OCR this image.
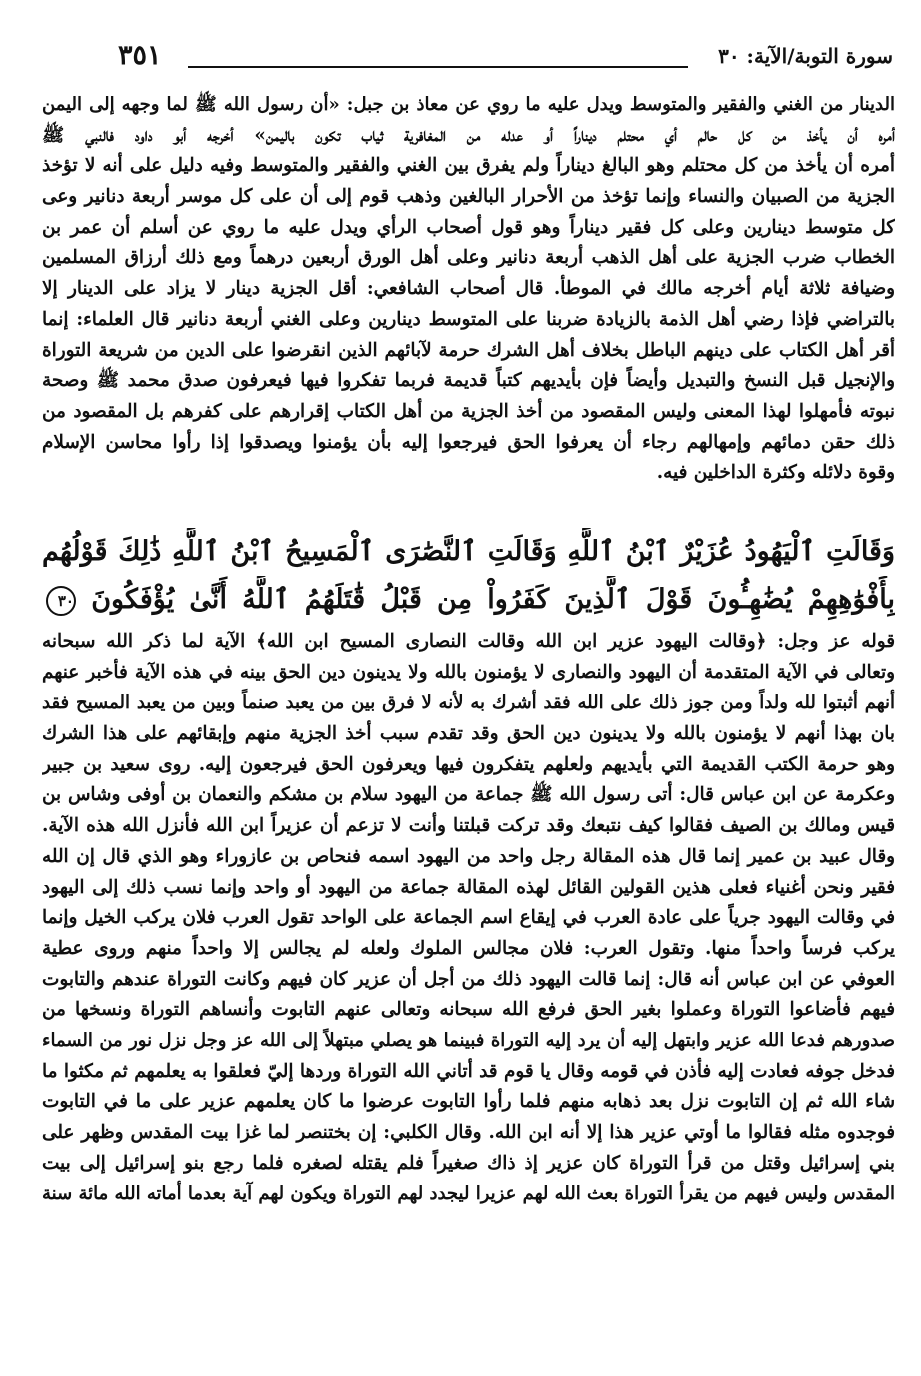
سورة التوبة/الآية: ٣٠
٣٥١
الدينار من الغني والفقير والمتوسط ويدل عليه ما روي عن معاذ بن جبل: «أن رسول الله ﷺ لما وجهه إلى اليمن
أمره أن يأخذ من كل حالم أي محتلم ديناراً أو عدله من المغافرية ثياب تكون باليمن» أخرجه أبو داود فالنبي ﷺ
أمره أن يأخذ من كل محتلم وهو البالغ ديناراً ولم يفرق بين الغني والفقير والمتوسط وفيه دليل على أنه لا تؤخذ
الجزية من الصبيان والنساء وإنما تؤخذ من الأحرار البالغين وذهب قوم إلى أن على كل موسر أربعة دنانير وعى
كل متوسط دينارين وعلى كل فقير ديناراً وهو قول أصحاب الرأي ويدل عليه ما روي عن أسلم أن عمر بن
الخطاب ضرب الجزية على أهل الذهب أربعة دنانير وعلى أهل الورق أربعين درهماً ومع ذلك أرزاق المسلمين
وضيافة ثلاثة أيام أخرجه مالك في الموطأ. قال أصحاب الشافعي: أقل الجزية دينار لا يزاد على الدينار إلا
بالتراضي فإذا رضي أهل الذمة بالزيادة ضربنا على المتوسط دينارين وعلى الغني أربعة دنانير قال العلماء: إنما
أقر أهل الكتاب على دينهم الباطل بخلاف أهل الشرك حرمة لآبائهم الذين انقرضوا على الدين من شريعة التوراة
والإنجيل قبل النسخ والتبديل وأيضاً فإن بأيديهم كتباً قديمة فربما تفكروا فيها فيعرفون صدق محمد ﷺ وصحة
نبوته فأمهلوا لهذا المعنى وليس المقصود من أخذ الجزية من أهل الكتاب إقرارهم على كفرهم بل المقصود من
ذلك حقن دمائهم وإمهالهم رجاء أن يعرفوا الحق فيرجعوا إليه بأن يؤمنوا ويصدقوا إذا رأوا محاسن الإسلام
وقوة دلائله وكثرة الداخلين فيه.
وَقَالَتِ ٱلْيَهُودُ عُزَيْرٌ ٱبْنُ ٱللَّهِ وَقَالَتِ ٱلنَّصَٰرَى ٱلْمَسِيحُ ٱبْنُ ٱللَّهِ ذَٰلِكَ قَوْلُهُم
بِأَفْوَٰهِهِمْ يُضَٰهِـُٔونَ قَوْلَ ٱلَّذِينَ كَفَرُواْ مِن قَبْلُ قَٰتَلَهُمُ ٱللَّهُ أَنَّىٰ يُؤْفَكُونَ ٣٠
قوله عز وجل: ﴿وقالت اليهود عزير ابن الله وقالت النصارى المسيح ابن الله﴾ الآية لما ذكر الله سبحانه
وتعالى في الآية المتقدمة أن اليهود والنصارى لا يؤمنون بالله ولا يدينون دين الحق بينه في هذه الآية فأخبر عنهم
أنهم أثبتوا لله ولداً ومن جوز ذلك على الله فقد أشرك به لأنه لا فرق بين من يعبد صنماً وبين من يعبد المسيح فقد
بان بهذا أنهم لا يؤمنون بالله ولا يدينون دين الحق وقد تقدم سبب أخذ الجزية منهم وإبقائهم على هذا الشرك
وهو حرمة الكتب القديمة التي بأيديهم ولعلهم يتفكرون فيها ويعرفون الحق فيرجعون إليه. روى سعيد بن جبير
وعكرمة عن ابن عباس قال: أتى رسول الله ﷺ جماعة من اليهود سلام بن مشكم والنعمان بن أوفى وشاس بن
قيس ومالك بن الصيف فقالوا كيف نتبعك وقد تركت قبلتنا وأنت لا تزعم أن عزيراً ابن الله فأنزل الله هذه الآية.
وقال عبيد بن عمير إنما قال هذه المقالة رجل واحد من اليهود اسمه فنحاص بن عازوراء وهو الذي قال إن الله
فقير ونحن أغنياء فعلى هذين القولين القائل لهذه المقالة جماعة من اليهود أو واحد وإنما نسب ذلك إلى اليهود
في وقالت اليهود جرياً على عادة العرب في إيقاع اسم الجماعة على الواحد تقول العرب فلان يركب الخيل وإنما
يركب فرساً واحداً منها. وتقول العرب: فلان مجالس الملوك ولعله لم يجالس إلا واحداً منهم وروى عطية
العوفي عن ابن عباس أنه قال: إنما قالت اليهود ذلك من أجل أن عزير كان فيهم وكانت التوراة عندهم والتابوت
فيهم فأضاعوا التوراة وعملوا بغير الحق فرفع الله سبحانه وتعالى عنهم التابوت وأنساهم التوراة ونسخها من
صدورهم فدعا الله عزير وابتهل إليه أن يرد إليه التوراة فبينما هو يصلي مبتهلاً إلى الله عز وجل نزل نور من السماء
فدخل جوفه فعادت إليه فأذن في قومه وقال يا قوم قد أتاني الله التوراة وردها إليّ فعلقوا به يعلمهم ثم مكثوا ما
شاء الله ثم إن التابوت نزل بعد ذهابه منهم فلما رأوا التابوت عرضوا ما كان يعلمهم عزير على ما في التابوت
فوجدوه مثله فقالوا ما أوتي عزير هذا إلا أنه ابن الله. وقال الكلبي: إن بختنصر لما غزا بيت المقدس وظهر على
بني إسرائيل وقتل من قرأ التوراة كان عزير إذ ذاك صغيراً فلم يقتله لصغره فلما رجع بنو إسرائيل إلى بيت
المقدس وليس فيهم من يقرأ التوراة بعث الله لهم عزيرا ليجدد لهم التوراة ويكون لهم آية بعدما أماته الله مائة سنة
